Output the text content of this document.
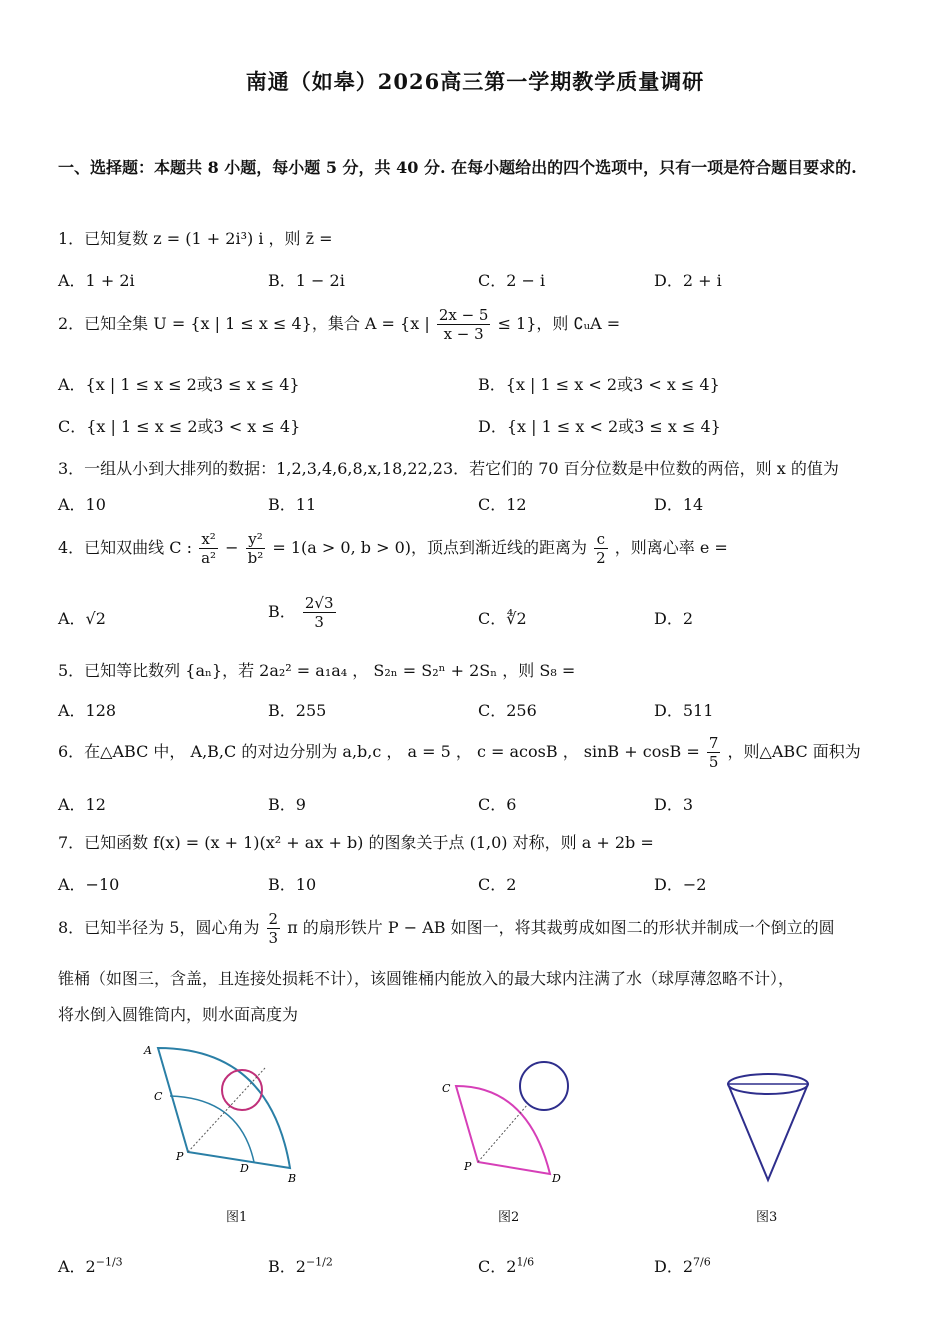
南通（如皋）2026高三第一学期教学质量调研
一、选择题：本题共 8 小题，每小题 5 分，共 40 分. 在每小题给出的四个选项中，只有一项是符合题目要求的.
1．已知复数 z = (1 + 2i³) i ，则 z̄ =
A．1 + 2i	B．1 − 2i	C．2 − i	D．2 + i
2．已知全集 U = {x | 1 ≤ x ≤ 4}，集合 A = {x | $\frac{2x - 5}{x - 3} \le 1$}，则 ∁ᵤA =
A．{x | 1 ≤ x ≤ 2或3 ≤ x ≤ 4}	B．{x | 1 ≤ x < 2或3 < x ≤ 4}
C．{x | 1 ≤ x ≤ 2或3 < x ≤ 4}	D．{x | 1 ≤ x < 2或3 ≤ x ≤ 4}
3．一组从小到大排列的数据：1,2,3,4,6,8,x,18,22,23．若它们的 70 百分位数是中位数的两倍，则 x 的值为
A．10	B．11	C．12	D．14
4．已知双曲线 C : $\frac{\text{x²}}{\text{a²}} - \frac{\text{y²}}{\text{b²}} = 1(a > 0$, b > 0)，顶点到渐近线的距离为 $\frac{c}{2}$ ，则离心率 e =
A．√2	B． $\frac{2√3}{3}$	C．∜2	D．2
5．已知等比数列 {aₙ}，若 2a₂² = a₁a₄ ， S₂ₙ = S₂ⁿ + 2Sₙ ，则 S₈ =
A．128	B．255	C．256	D．511
6．在△ABC 中， A,B,C 的对边分别为 a,b,c ， a = 5 ， c = acosB ， $\sin B + \cos B = \frac{7}{5}$ ，则△ABC 面积为
A．12	B．9	C．6	D．3
7．已知函数 f(x) = (x + 1)(x² + ax + b) 的图象关于点 (1,0) 对称，则 a + 2b =
A．−10	B．10	C．2	D．−2
8．已知半径为 5，圆心角为 $\frac{2}{3}$ π 的扇形铁片 P − AB 如图一，将其裁剪成如图二的形状并制成一个倒立的圆
锥桶（如图三，含盖，且连接处损耗不计），该圆锥桶内能放入的最大球内注满了水（球厚薄忽略不计），
将水倒入圆锥筒内，则水面高度为
A
C
P
D
B
图1
C
P
D
图2	图3
A．$2^{-1/3}$	B．$2^{-1/2}$	C．$2^{1/6}$	D．$2^{7/6}$
